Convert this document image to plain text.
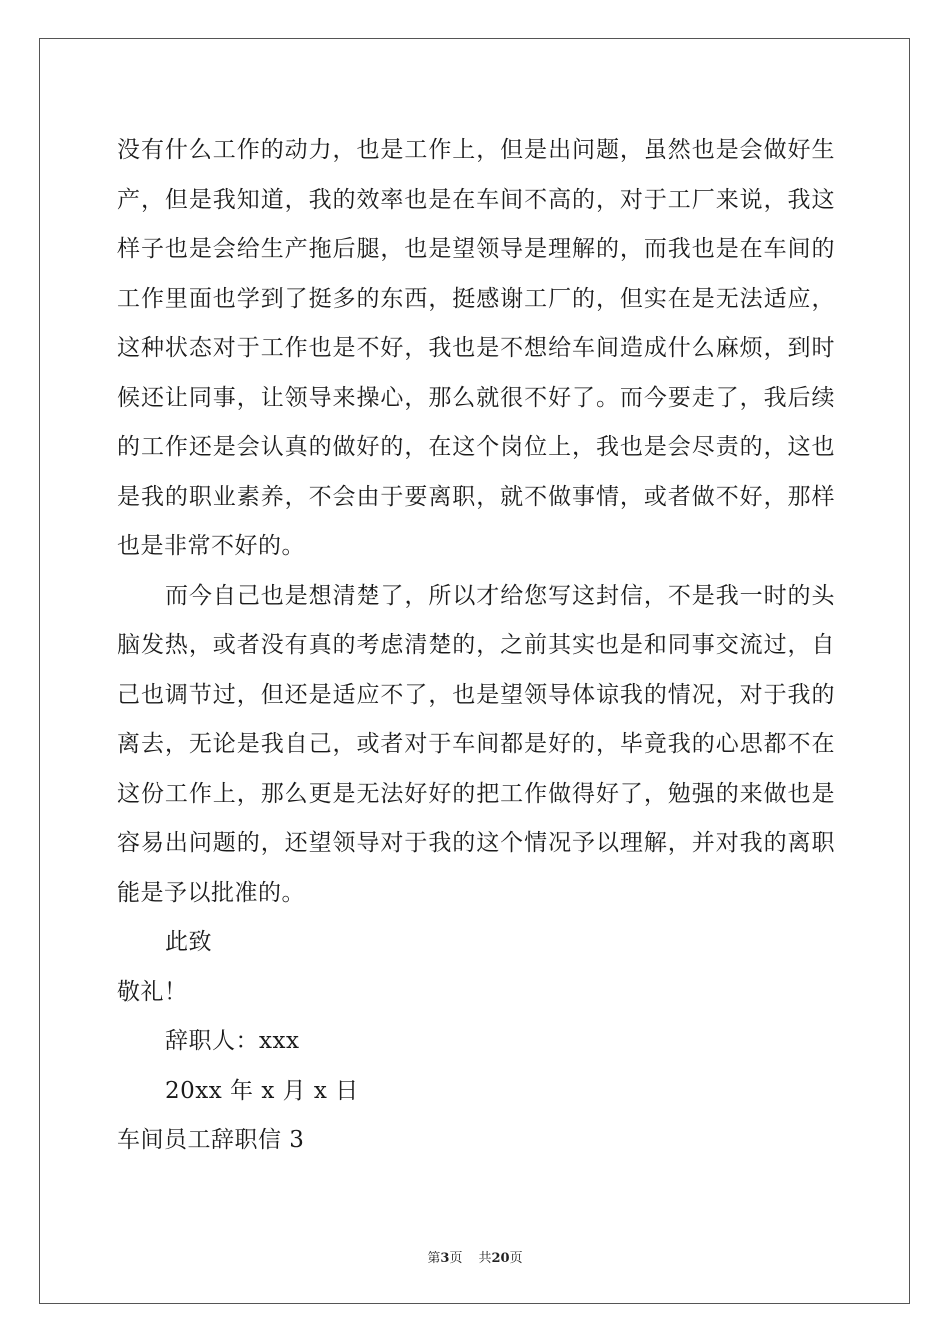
没有什么工作的动力，也是工作上，但是出问题，虽然也是会做好生产，但是我知道，我的效率也是在车间不高的，对于工厂来说，我这样子也是会给生产拖后腿，也是望领导是理解的，而我也是在车间的工作里面也学到了挺多的东西，挺感谢工厂的，但实在是无法适应，这种状态对于工作也是不好，我也是不想给车间造成什么麻烦，到时候还让同事，让领导来操心，那么就很不好了。而今要走了，我后续的工作还是会认真的做好的，在这个岗位上，我也是会尽责的，这也是我的职业素养，不会由于要离职，就不做事情，或者做不好，那样也是非常不好的。

而今自己也是想清楚了，所以才给您写这封信，不是我一时的头脑发热，或者没有真的考虑清楚的，之前其实也是和同事交流过，自己也调节过，但还是适应不了，也是望领导体谅我的情况，对于我的离去，无论是我自己，或者对于车间都是好的，毕竟我的心思都不在这份工作上，那么更是无法好好的把工作做得好了，勉强的来做也是容易出问题的，还望领导对于我的这个情况予以理解，并对我的离职能是予以批准的。

此致

敬礼！

辞职人：xxx

20xx 年 x 月 x 日

车间员工辞职信 3

第3页 共20页
